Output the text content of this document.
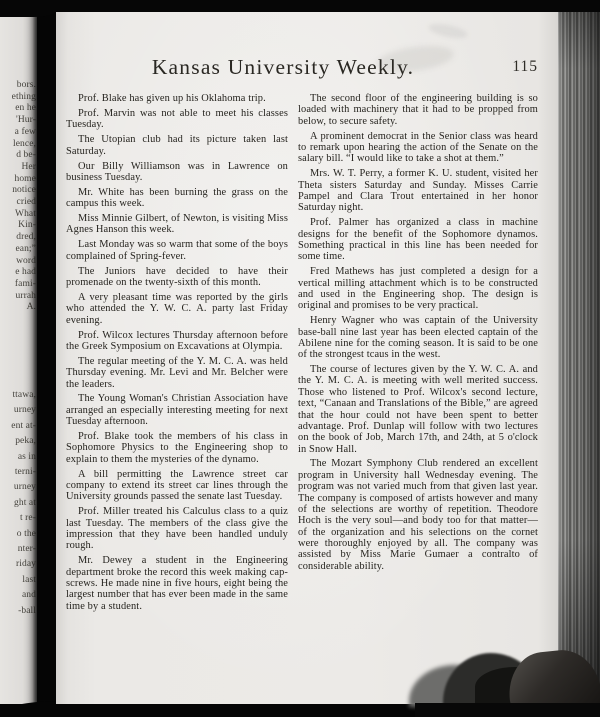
bors.
ething
en he
'Hur-
a few
lence,
d be-
Her
home
notice
cried
What
Kin-
dred,
ean;”
word
e had
fami-
urrah
A.
ttawa,
urney
ent at-
peka,
as in
terni-
urney
ght at
t re-
o the
nter-
riday
last
and
-ball
Kansas University Weekly.	115

Prof. Blake has given up his Oklahoma trip.

Prof. Marvin was not able to meet his classes Tuesday.

The Utopian club had its picture taken last Saturday.

Our Billy Williamson was in Lawrence on business Tuesday.

Mr. White has been burning the grass on the campus this week.

Miss Minnie Gilbert, of Newton, is visiting Miss Agnes Hanson this week.

Last Monday was so warm that some of the boys complained of Spring-fever.

The Juniors have decided to have their promenade on the twenty-sixth of this month.

A very pleasant time was reported by the girls who attended the Y. W. C. A. party last Friday evening.

Prof. Wilcox lectures Thursday afternoon before the Greek Symposium on Excavations at Olympia.

The regular meeting of the Y. M. C. A. was held Thursday evening. Mr. Levi and Mr. Belcher were the leaders.

The Young Woman's Christian Association have arranged an especially interesting meeting for next Tuesday afternoon.

Prof. Blake took the members of his class in Sophomore Physics to the Engineering shop to explain to them the mysteries of the dynamo.

A bill permitting the Lawrence street car company to extend its street car lines through the University grounds passed the senate last Tuesday.

Prof. Miller treated his Calculus class to a quiz last Tuesday. The members of the class give the impression that they have been handled unduly rough.

Mr. Dewey a student in the Engineering department broke the record this week making cap-screws. He made nine in five hours, eight being the largest number that has ever been made in the same time by a student.

The second floor of the engineering building is so loaded with machinery that it had to be propped from below, to secure safety.

A prominent democrat in the Senior class was heard to remark upon hearing the action of the Senate on the salary bill. “I would like to take a shot at them.”

Mrs. W. T. Perry, a former K. U. student, visited her Theta sisters Saturday and Sunday. Misses Carrie Pampel and Clara Trout entertained in her honor Saturday night.

Prof. Palmer has organized a class in machine designs for the benefit of the Sophomore dynamos. Something practical in this line has been needed for some time.

Fred Mathews has just completed a design for a vertical milling attachment which is to be constructed and used in the Engineering shop. The design is original and promises to be very practical.

Henry Wagner who was captain of the University base-ball nine last year has been elected captain of the Abilene nine for the coming season. It is said to be one of the strongest tcaus in the west.

The course of lectures given by the Y. W. C. A. and the Y. M. C. A. is meeting with well merited success. Those who listened to Prof. Wilcox's second lecture, text, “Canaan and Translations of the Bible,” are agreed that the hour could not have been spent to better advantage. Prof. Dunlap will follow with two lectures on the book of Job, March 17th, and 24th, at 5 o'clock in Snow Hall.

The Mozart Symphony Club rendered an excellent program in University hall Wednesday evening. The program was not varied much from that given last year. The company is composed of artists however and many of the selections are worthy of repetition. Theodore Hoch is the very soul—and body too for that matter—of the organization and his selections on the cornet were thoroughly enjoyed by all. The company was assisted by Miss Marie Gumaer a contralto of considerable ability.
